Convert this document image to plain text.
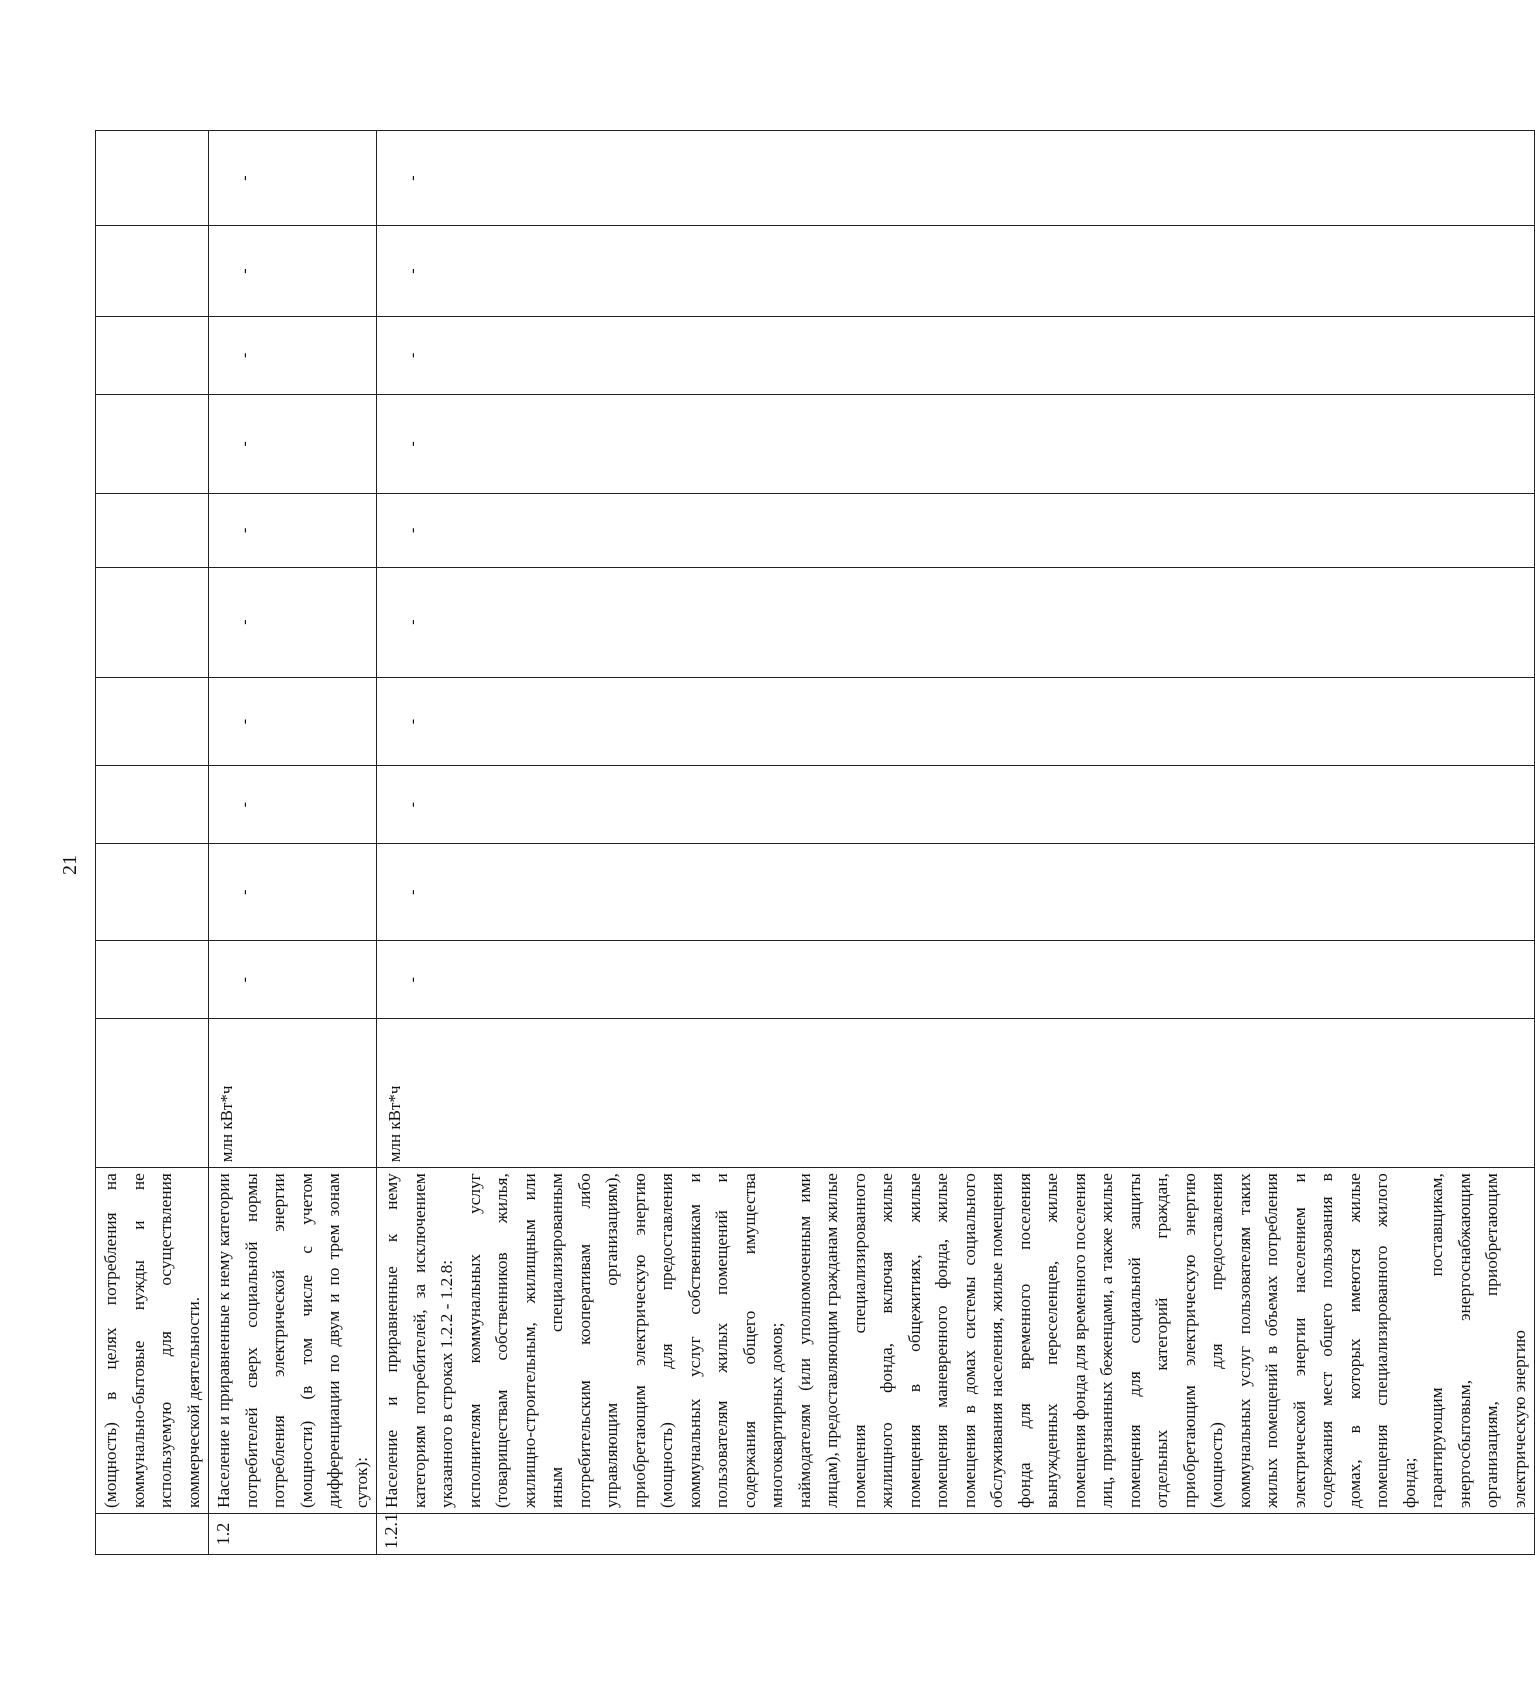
21
	(мощность) в целях потребления на коммунально-бытовые нужды и не используемую для осуществления коммерческой деятельности.											
1.2	Население и приравненные к нему категории потребителей сверх социальной нормы потребления электрической энергии (мощности) (в том числе с учетом дифференциации по двум и по трем зонам суток):	млн кВт*ч	-	-	-	-	-	-	-	-	-	-
1.2.1	Население и приравненные к нему категориям потребителей, за исключением указанного в строках 1.2.2 - 1.2.8: исполнителям коммунальных услуг (товариществам собственников жилья, жилищно-строительным, жилищным или иным специализированным потребительским кооперативам либо управляющим организациям), приобретающим электрическую энергию (мощность) для предоставления коммунальных услуг собственникам и пользователям жилых помещений и содержания общего имущества многоквартирных домов; наймодателям (или уполномоченным ими лицам), предоставляющим гражданам жилые помещения специализированного жилищного фонда, включая жилые помещения в общежитиях, жилые помещения маневренного фонда, жилые помещения в домах системы социального обслуживания населения, жилые помещения фонда для временного поселения вынужденных переселенцев, жилые помещения фонда для временного поселения лиц, признанных беженцами, а также жилые помещения для социальной защиты отдельных категорий граждан, приобретающим электрическую энергию (мощность) для предоставления коммунальных услуг пользователям таких жилых помещений в объемах потребления электрической энергии населением и содержания мест общего пользования в домах, в которых имеются жилые помещения специализированного жилого фонда; гарантирующим поставщикам, энергосбытовым, энергоснабжающим организациям, приобретающим электрическую энергию	млн кВт*ч	-	-	-	-	-	-	-	-	-	-
